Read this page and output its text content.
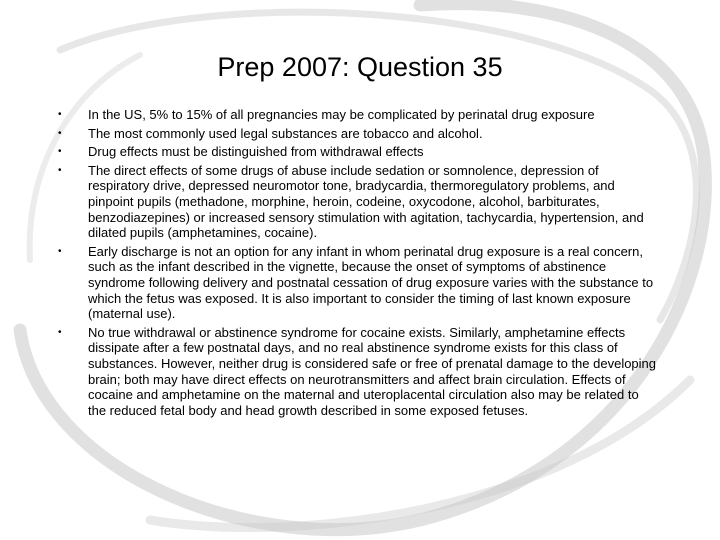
Prep 2007: Question 35
•	In the US, 5% to 15% of all pregnancies may be complicated by perinatal drug exposure
•	The most commonly used legal substances are tobacco and alcohol.
•	Drug effects must be distinguished from withdrawal effects
•	The direct effects of some drugs of abuse include sedation or somnolence, depression of respiratory drive, depressed neuromotor tone, bradycardia, thermoregulatory problems, and pinpoint pupils (methadone, morphine, heroin, codeine, oxycodone, alcohol, barbiturates, benzodiazepines) or increased sensory stimulation with agitation, tachycardia, hypertension, and dilated pupils (amphetamines, cocaine).
•	Early discharge is not an option for any infant in whom perinatal drug exposure is a real concern, such as the infant described in the vignette, because the onset of symptoms of abstinence syndrome following delivery and postnatal cessation of drug exposure varies with the substance to which the fetus was exposed. It is also important to consider the timing of last known exposure (maternal use).
•	No true withdrawal or abstinence syndrome for cocaine exists. Similarly, amphetamine effects dissipate after a few postnatal days, and no real abstinence syndrome exists for this class of substances. However, neither drug is considered safe or free of prenatal damage to the developing brain; both may have direct effects on neurotransmitters and affect brain circulation. Effects of cocaine and amphetamine on the maternal and uteroplacental circulation also may be related to the reduced fetal body and head growth described in some exposed fetuses.
